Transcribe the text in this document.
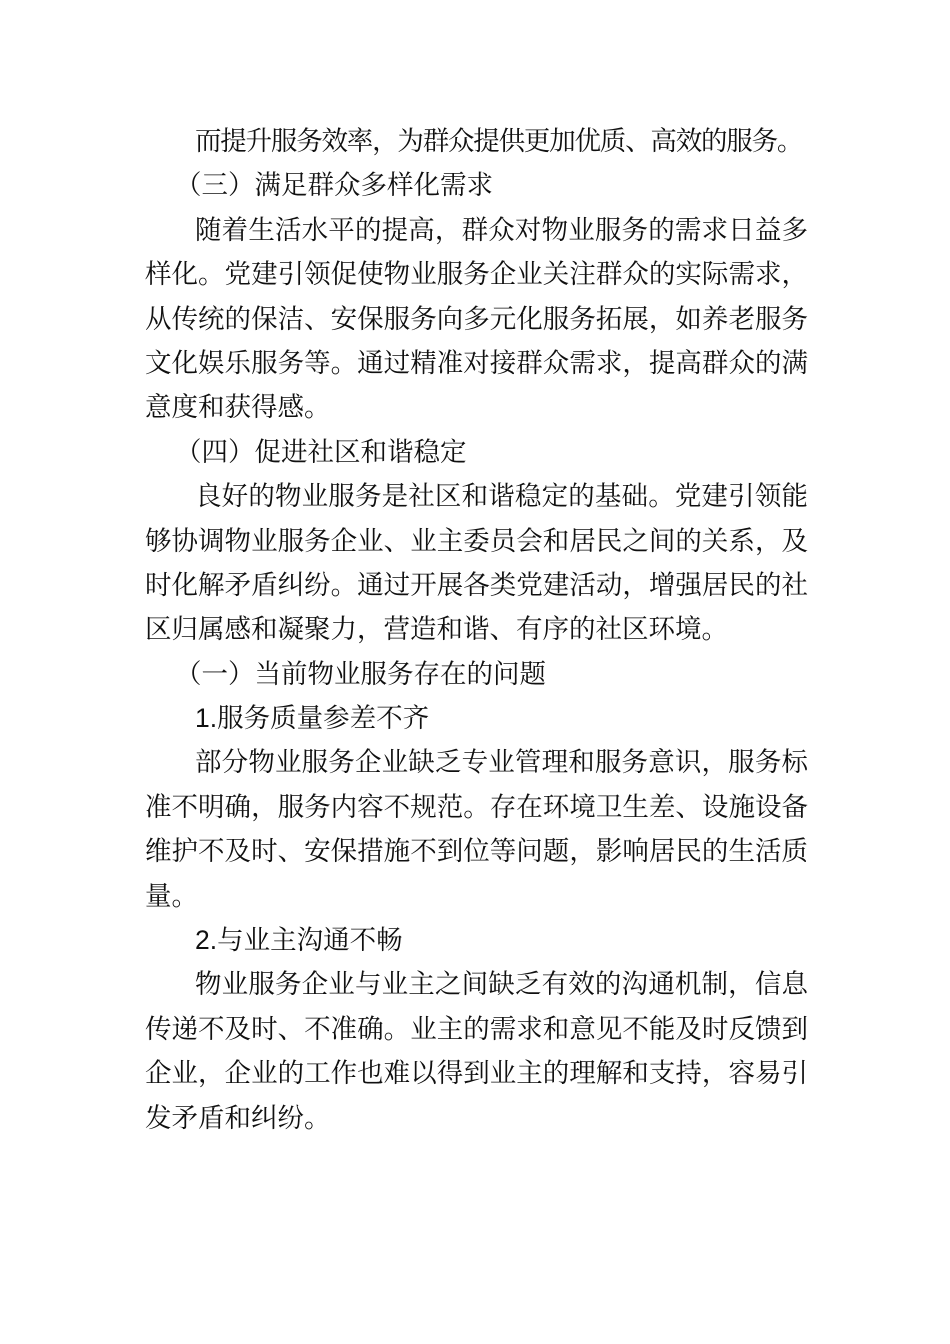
而提升服务效率，为群众提供更加优质、高效的服务。
（三）满足群众多样化需求
随着生活水平的提高，群众对物业服务的需求日益多
样化。党建引领促使物业服务企业关注群众的实际需求，
从传统的保洁、安保服务向多元化服务拓展，如养老服务
文化娱乐服务等。通过精准对接群众需求，提高群众的满
意度和获得感。
（四）促进社区和谐稳定
良好的物业服务是社区和谐稳定的基础。党建引领能
够协调物业服务企业、业主委员会和居民之间的关系，及
时化解矛盾纠纷。通过开展各类党建活动，增强居民的社
区归属感和凝聚力，营造和谐、有序的社区环境。
（一）当前物业服务存在的问题
1.服务质量参差不齐
部分物业服务企业缺乏专业管理和服务意识，服务标
准不明确，服务内容不规范。存在环境卫生差、设施设备
维护不及时、安保措施不到位等问题，影响居民的生活质
量。
2.与业主沟通不畅
物业服务企业与业主之间缺乏有效的沟通机制，信息
传递不及时、不准确。业主的需求和意见不能及时反馈到
企业，企业的工作也难以得到业主的理解和支持，容易引
发矛盾和纠纷。
